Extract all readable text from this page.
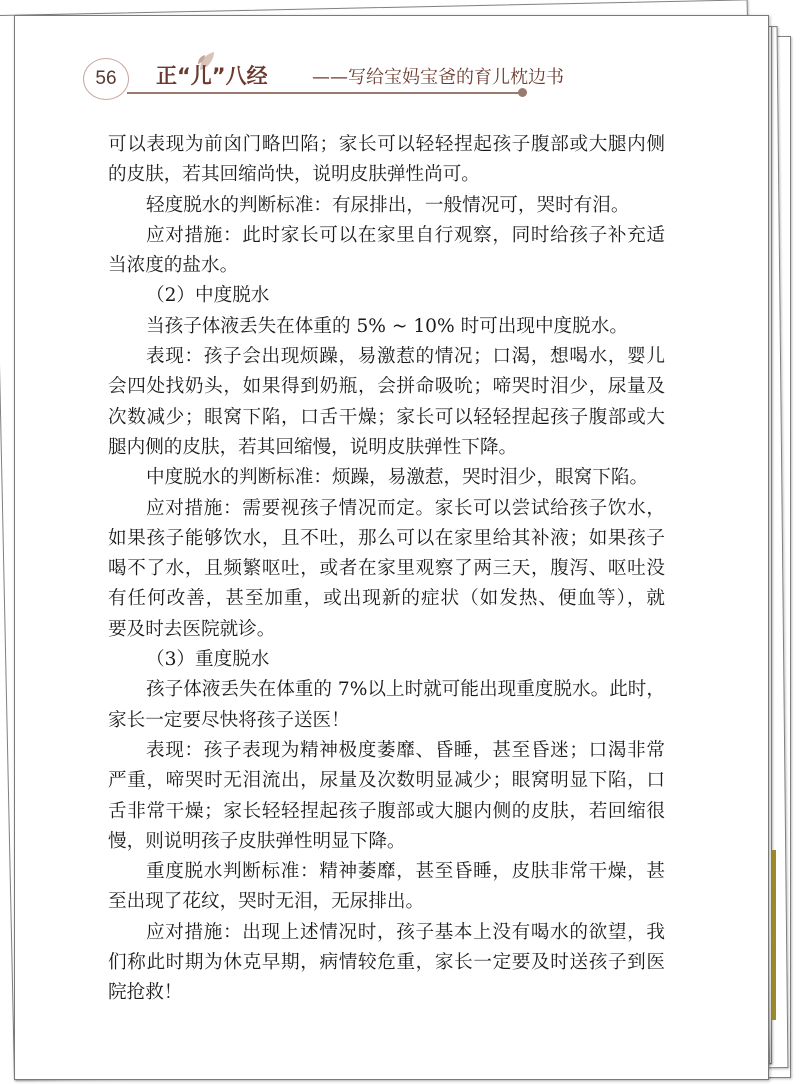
56	正“儿”八经 ——写给宝妈宝爸的育儿枕边书
可以表现为前囟门略凹陷；家长可以轻轻捏起孩子腹部或大腿内侧
的皮肤，若其回缩尚快，说明皮肤弹性尚可。
轻度脱水的判断标准：有尿排出，一般情况可，哭时有泪。
应对措施：此时家长可以在家里自行观察，同时给孩子补充适
当浓度的盐水。
（2）中度脱水
当孩子体液丢失在体重的 5% ~ 10% 时可出现中度脱水。
表现：孩子会出现烦躁，易激惹的情况；口渴，想喝水，婴儿
会四处找奶头，如果得到奶瓶，会拼命吸吮；啼哭时泪少，尿量及
次数减少；眼窝下陷，口舌干燥；家长可以轻轻捏起孩子腹部或大
腿内侧的皮肤，若其回缩慢，说明皮肤弹性下降。
中度脱水的判断标准：烦躁，易激惹，哭时泪少，眼窝下陷。
应对措施：需要视孩子情况而定。家长可以尝试给孩子饮水，
如果孩子能够饮水，且不吐，那么可以在家里给其补液；如果孩子
喝不了水，且频繁呕吐，或者在家里观察了两三天，腹泻、呕吐没
有任何改善，甚至加重，或出现新的症状（如发热、便血等），就
要及时去医院就诊。
（3）重度脱水
孩子体液丢失在体重的 7%以上时就可能出现重度脱水。此时，
家长一定要尽快将孩子送医！
表现：孩子表现为精神极度萎靡、昏睡，甚至昏迷；口渴非常
严重，啼哭时无泪流出，尿量及次数明显减少；眼窝明显下陷，口
舌非常干燥；家长轻轻捏起孩子腹部或大腿内侧的皮肤，若回缩很
慢，则说明孩子皮肤弹性明显下降。
重度脱水判断标准：精神萎靡，甚至昏睡，皮肤非常干燥，甚
至出现了花纹，哭时无泪，无尿排出。
应对措施：出现上述情况时，孩子基本上没有喝水的欲望，我
们称此时期为休克早期，病情较危重，家长一定要及时送孩子到医
院抢救！
